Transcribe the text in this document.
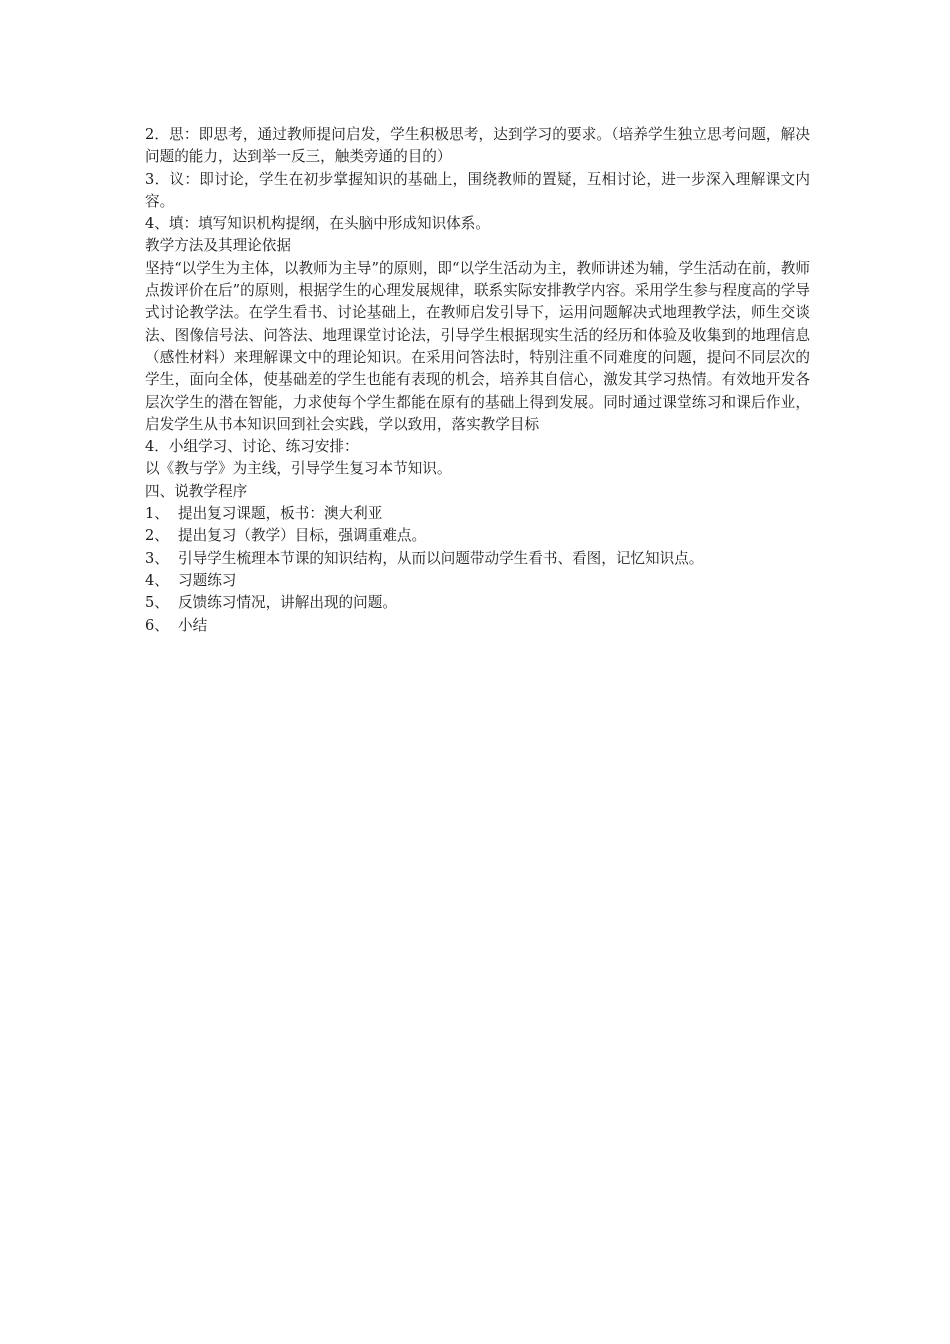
2．思：即思考，通过教师提问启发，学生积极思考，达到学习的要求。（培养学生独立思考问题，解决问题的能力，达到举一反三，触类旁通的目的）

3．议：即讨论，学生在初步掌握知识的基础上，围绕教师的置疑，互相讨论，进一步深入理解课文内容。

4、填：填写知识机构提纲，在头脑中形成知识体系。

教学方法及其理论依据

坚持“以学生为主体，以教师为主导”的原则，即“以学生活动为主，教师讲述为辅，学生活动在前，教师点拨评价在后”的原则，根据学生的心理发展规律，联系实际安排教学内容。采用学生参与程度高的学导式讨论教学法。在学生看书、讨论基础上，在教师启发引导下，运用问题解决式地理教学法，师生交谈法、图像信号法、问答法、地理课堂讨论法，引导学生根据现实生活的经历和体验及收集到的地理信息（感性材料）来理解课文中的理论知识。在采用问答法时，特别注重不同难度的问题，提问不同层次的学生，面向全体，使基础差的学生也能有表现的机会，培养其自信心，激发其学习热情。有效地开发各层次学生的潜在智能，力求使每个学生都能在原有的基础上得到发展。同时通过课堂练习和课后作业，启发学生从书本知识回到社会实践，学以致用，落实教学目标

4．小组学习、讨论、练习安排：

以《教与学》为主线，引导学生复习本节知识。

四、说教学程序

1、 提出复习课题，板书：澳大利亚
2、 提出复习（教学）目标，强调重难点。
3、 引导学生梳理本节课的知识结构，从而以问题带动学生看书、看图，记忆知识点。
4、 习题练习
5、 反馈练习情况，讲解出现的问题。
6、 小结
